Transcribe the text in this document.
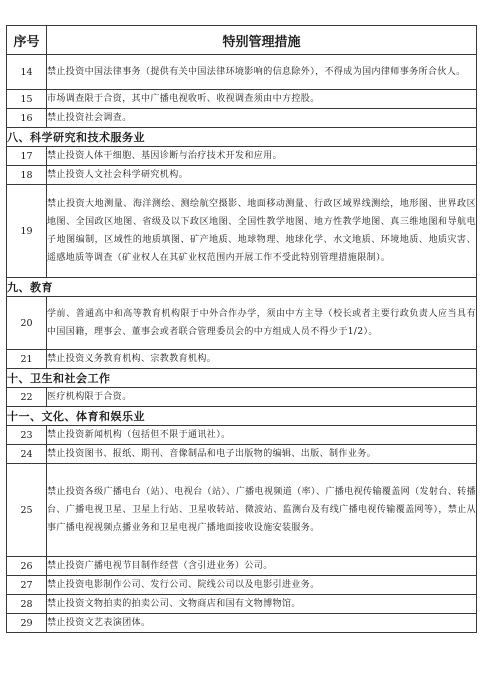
序号	特别管理措施
14	禁止投资中国法律事务（提供有关中国法律环境影响的信息除外），不得成为国内律师事务所合伙人。
15	市场调查限于合资，其中广播电视收听、收视调查须由中方控股。
16	禁止投资社会调查。
八、科学研究和技术服务业	
17	禁止投资人体干细胞、基因诊断与治疗技术开发和应用。
18	禁止投资人文社会科学研究机构。
19	禁止投资大地测量、海洋测绘、测绘航空摄影、地面移动测量、行政区域界线测绘，地形图、世界政区地图、全国政区地图、省级及以下政区地图、全国性教学地图、地方性教学地图、真三维地图和导航电子地图编制，区域性的地质填图、矿产地质、地球物理、地球化学、水文地质、环境地质、地质灾害、遥感地质等调查（矿业权人在其矿业权范围内开展工作不受此特别管理措施限制）。
九、教育	
20	学前、普通高中和高等教育机构限于中外合作办学，须由中方主导（校长或者主要行政负责人应当具有中国国籍，理事会、董事会或者联合管理委员会的中方组成人员不得少于1/2）。
21	禁止投资义务教育机构、宗教教育机构。
十、卫生和社会工作	
22	医疗机构限于合资。
十一、文化、体育和娱乐业	
23	禁止投资新闻机构（包括但不限于通讯社）。
24	禁止投资图书、报纸、期刊、音像制品和电子出版物的编辑、出版、制作业务。
25	禁止投资各级广播电台（站）、电视台（站）、广播电视频道（率）、广播电视传输覆盖网（发射台、转播台、广播电视卫星、卫星上行站、卫星收转站、微波站、监测台及有线广播电视传输覆盖网等），禁止从事广播电视视频点播业务和卫星电视广播地面接收设施安装服务。
26	禁止投资广播电视节目制作经营（含引进业务）公司。
27	禁止投资电影制作公司、发行公司、院线公司以及电影引进业务。
28	禁止投资文物拍卖的拍卖公司、文物商店和国有文物博物馆。
29	禁止投资文艺表演团体。
